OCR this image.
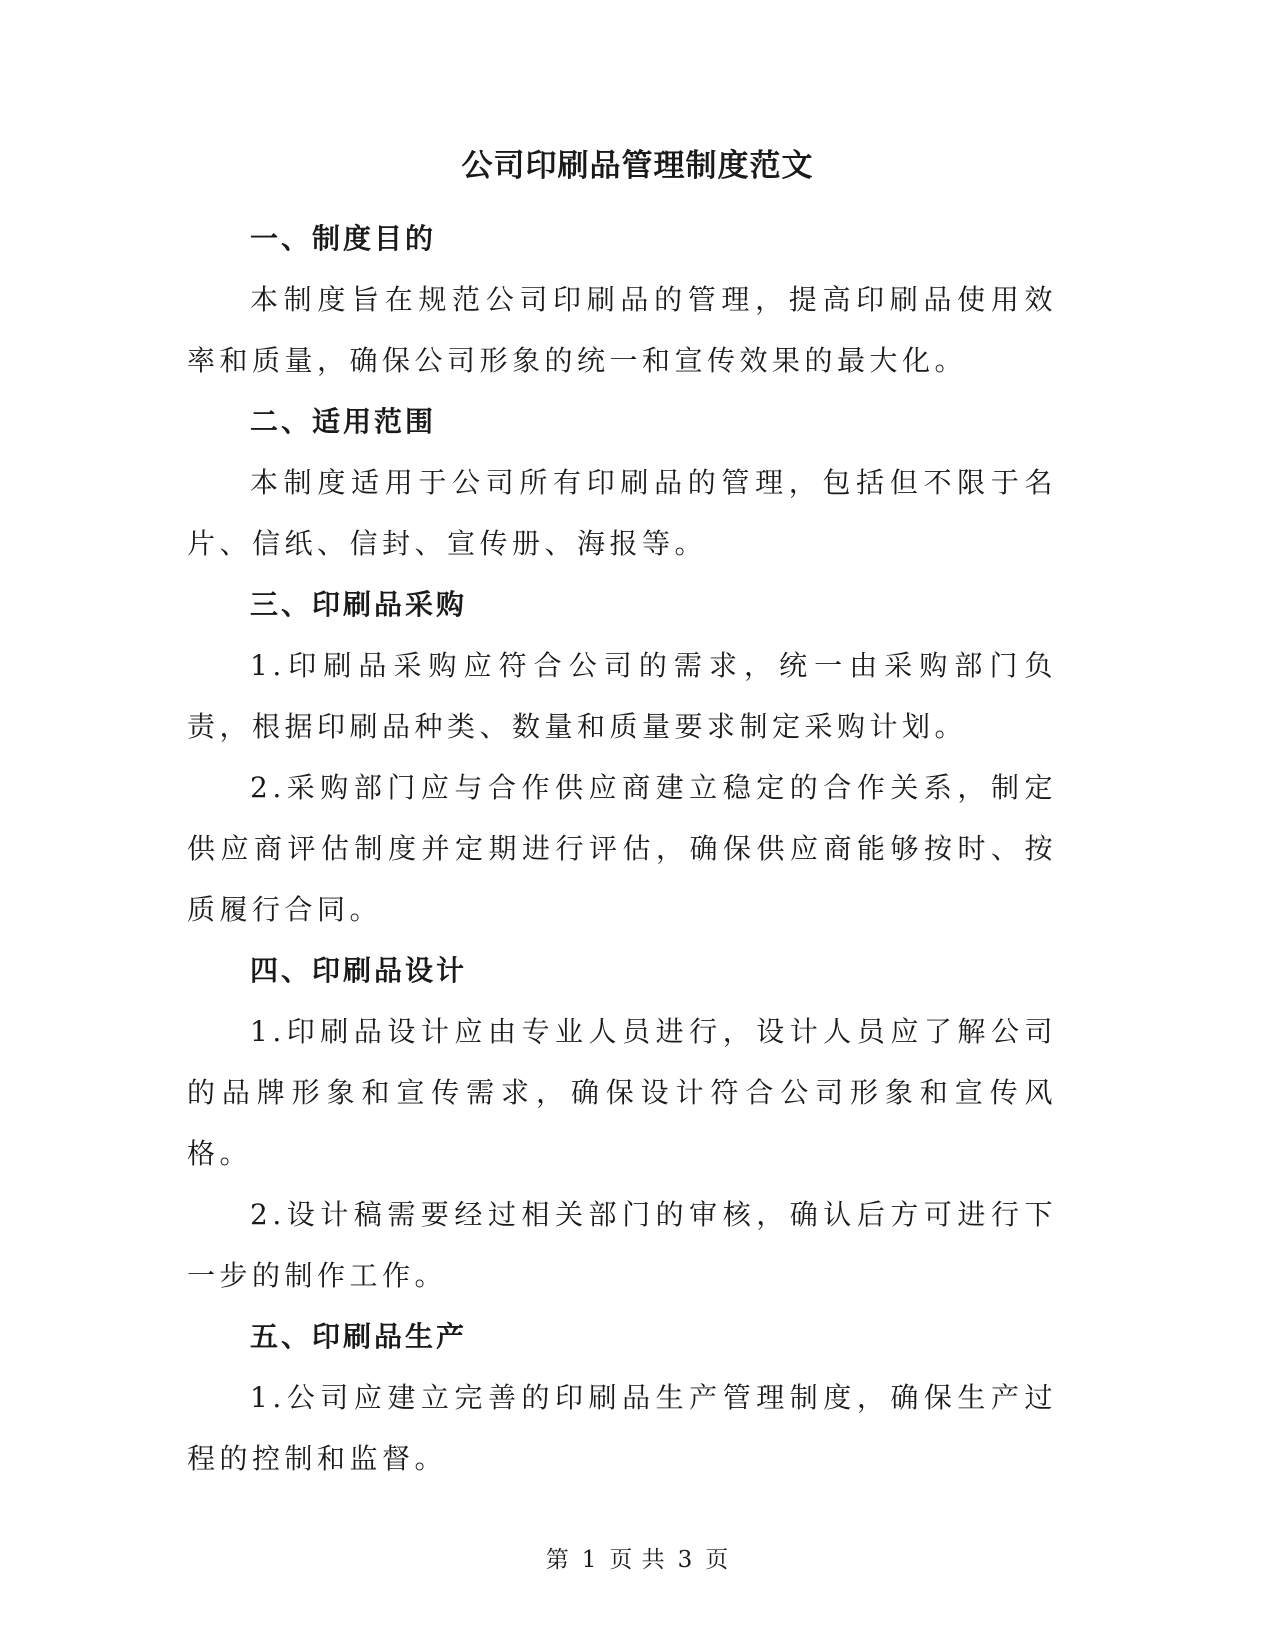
公司印刷品管理制度范文

一、制度目的

本制度旨在规范公司印刷品的管理，提高印刷品使用效率和质量，确保公司形象的统一和宣传效果的最大化。

二、适用范围

本制度适用于公司所有印刷品的管理，包括但不限于名片、信纸、信封、宣传册、海报等。

三、印刷品采购

1.印刷品采购应符合公司的需求，统一由采购部门负责，根据印刷品种类、数量和质量要求制定采购计划。

2.采购部门应与合作供应商建立稳定的合作关系，制定供应商评估制度并定期进行评估，确保供应商能够按时、按质履行合同。

四、印刷品设计

1.印刷品设计应由专业人员进行，设计人员应了解公司的品牌形象和宣传需求，确保设计符合公司形象和宣传风格。

2.设计稿需要经过相关部门的审核，确认后方可进行下一步的制作工作。

五、印刷品生产

1.公司应建立完善的印刷品生产管理制度，确保生产过程的控制和监督。

第 1 页 共 3 页
